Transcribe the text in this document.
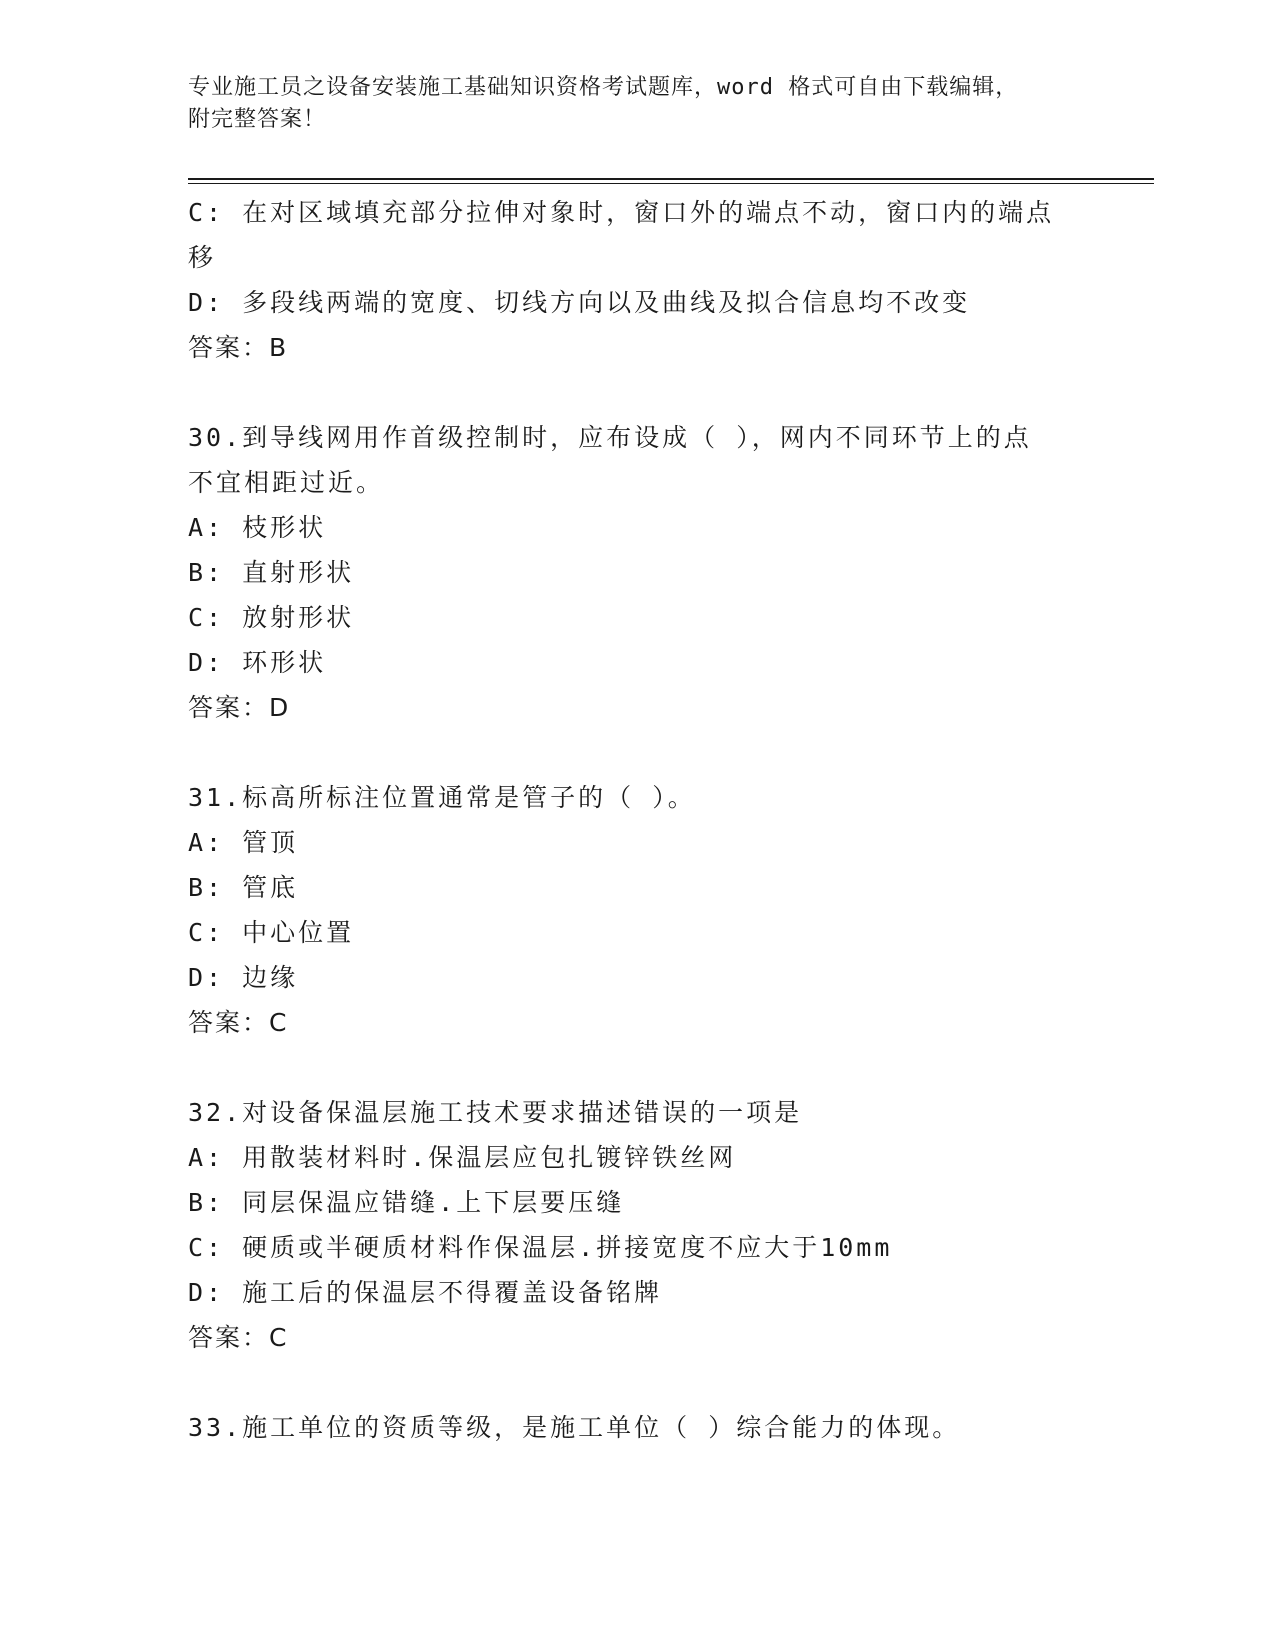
专业施工员之设备安装施工基础知识资格考试题库，word 格式可自由下载编辑，
附完整答案！
C: 在对区域填充部分拉伸对象时，窗口外的端点不动，窗口内的端点
移
D: 多段线两端的宽度、切线方向以及曲线及拟合信息均不改变
答案：B
30.到导线网用作首级控制时，应布设成（ ），网内不同环节上的点
不宜相距过近。
A: 枝形状
B: 直射形状
C: 放射形状
D: 环形状
答案：D
31.标高所标注位置通常是管子的（ ）。
A: 管顶
B: 管底
C: 中心位置
D: 边缘
答案：C
32.对设备保温层施工技术要求描述错误的一项是
A: 用散装材料时.保温层应包扎镀锌铁丝网
B: 同层保温应错缝.上下层要压缝
C: 硬质或半硬质材料作保温层.拼接宽度不应大于10mm
D: 施工后的保温层不得覆盖设备铭牌
答案：C
33.施工单位的资质等级，是施工单位（ ）综合能力的体现。
